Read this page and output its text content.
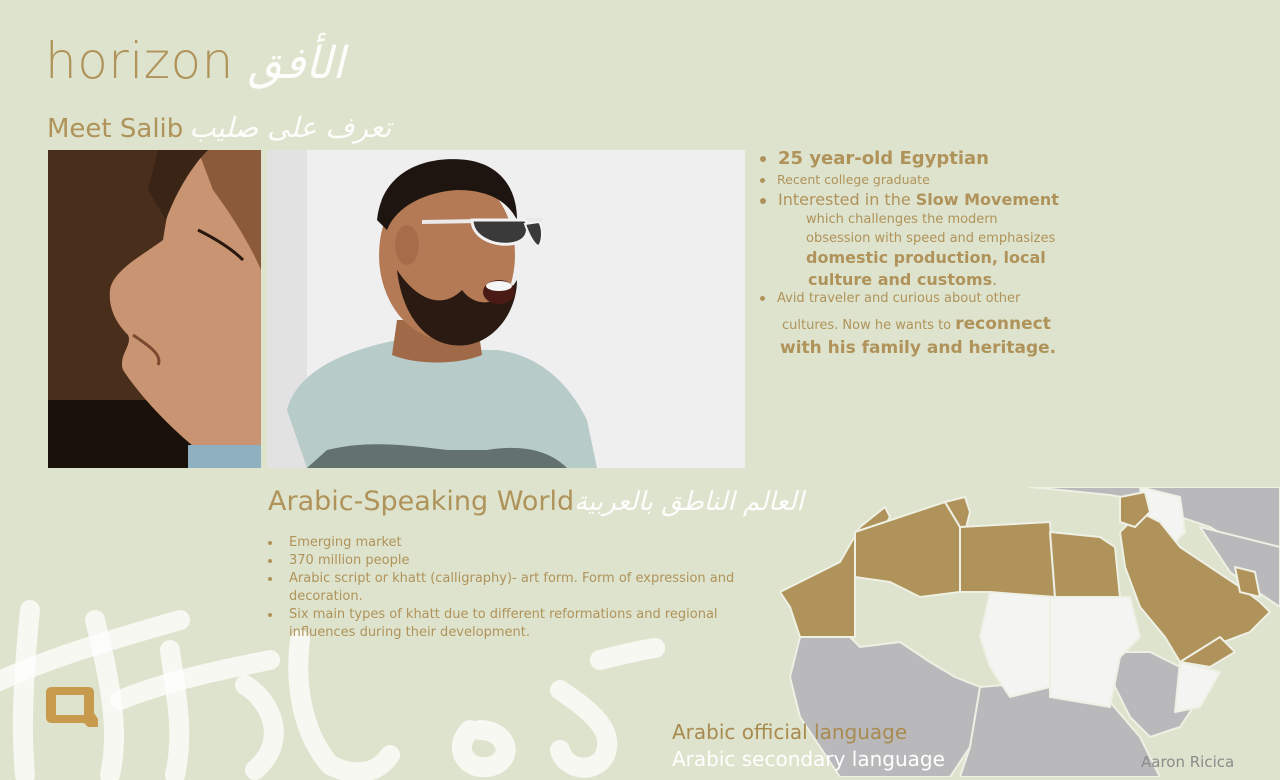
horizon الأفق
Meet Salib تعرف على صليب
25 year-old Egyptian
Recent college graduate
Interested in the Slow Movement
which challenges the modern
obsession with speed and emphasizes
domestic production, local
culture and customs.
Avid traveler and curious about other
cultures. Now he wants to reconnect
with his family and heritage.
Arabic-Speaking Worldالعالم الناطق بالعربية
Emerging market
370 million people
Arabic script or khatt (calligraphy)- art form. Form of expression and decoration.
Six main types of khatt due to different reformations and regional influences during their development.
Arabic official language
Arabic secondary language	Aaron Ricica
